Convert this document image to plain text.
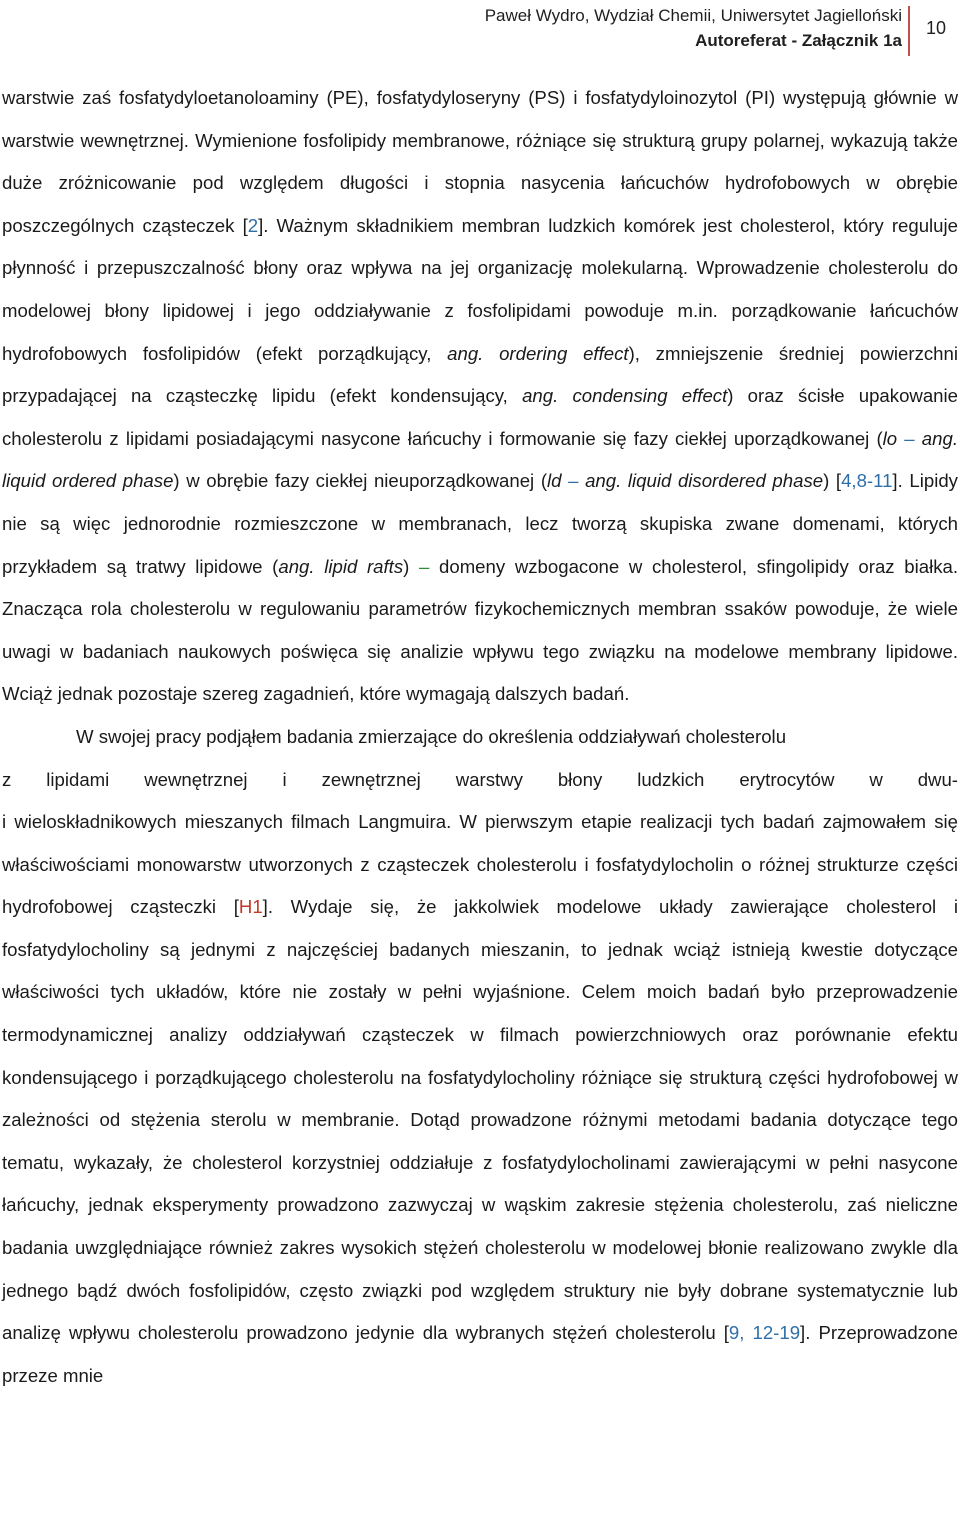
Paweł Wydro, Wydział Chemii, Uniwersytet Jagielloński
Autoreferat - Załącznik 1a
10

warstwie zaś fosfatydyloetanoloaminy (PE), fosfatydyloseryny (PS) i fosfatydyloinozytol (PI) występują głównie w warstwie wewnętrznej. Wymienione fosfolipidy membranowe, różniące się strukturą grupy polarnej, wykazują także duże zróżnicowanie pod względem długości i stopnia nasycenia łańcuchów hydrofobowych w obrębie poszczególnych cząsteczek [2]. Ważnym składnikiem membran ludzkich komórek jest cholesterol, który reguluje płynność i przepuszczalność błony oraz wpływa na jej organizację molekularną. Wprowadzenie cholesterolu do modelowej błony lipidowej i jego oddziaływanie z fosfolipidami powoduje m.in. porządkowanie łańcuchów hydrofobowych fosfolipidów (efekt porządkujący, ang. ordering effect), zmniejszenie średniej powierzchni przypadającej na cząsteczkę lipidu (efekt kondensujący, ang. condensing effect) oraz ścisłe upakowanie cholesterolu z lipidami posiadającymi nasycone łańcuchy i formowanie się fazy ciekłej uporządkowanej (lo – ang. liquid ordered phase) w obrębie fazy ciekłej nieuporządkowanej (ld – ang. liquid disordered phase) [4,8-11]. Lipidy nie są więc jednorodnie rozmieszczone w membranach, lecz tworzą skupiska zwane domenami, których przykładem są tratwy lipidowe (ang. lipid rafts) – domeny wzbogacone w cholesterol, sfingolipidy oraz białka. Znacząca rola cholesterolu w regulowaniu parametrów fizykochemicznych membran ssaków powoduje, że wiele uwagi w badaniach naukowych poświęca się analizie wpływu tego związku na modelowe membrany lipidowe. Wciąż jednak pozostaje szereg zagadnień, które wymagają dalszych badań.

W swojej pracy podjąłem badania zmierzające do określenia oddziaływań cholesterolu
z lipidami wewnętrznej i zewnętrznej warstwy błony ludzkich erytrocytów w dwu-
i wieloskładnikowych mieszanych filmach Langmuira. W pierwszym etapie realizacji tych badań zajmowałem się właściwościami monowarstw utworzonych z cząsteczek cholesterolu i fosfatydylocholin o różnej strukturze części hydrofobowej cząsteczki [H1]. Wydaje się, że jakkolwiek modelowe układy zawierające cholesterol i fosfatydylocholiny są jednymi z najczęściej badanych mieszanin, to jednak wciąż istnieją kwestie dotyczące właściwości tych układów, które nie zostały w pełni wyjaśnione. Celem moich badań było przeprowadzenie termodynamicznej analizy oddziaływań cząsteczek w filmach powierzchniowych oraz porównanie efektu kondensującego i porządkującego cholesterolu na fosfatydylocholiny różniące się strukturą części hydrofobowej w zależności od stężenia sterolu w membranie. Dotąd prowadzone różnymi metodami badania dotyczące tego tematu, wykazały, że cholesterol korzystniej oddziałuje z fosfatydylocholinami zawierającymi w pełni nasycone łańcuchy, jednak eksperymenty prowadzono zazwyczaj w wąskim zakresie stężenia cholesterolu, zaś nieliczne badania uwzględniające również zakres wysokich stężeń cholesterolu w modelowej błonie realizowano zwykle dla jednego bądź dwóch fosfolipidów, często związki pod względem struktury nie były dobrane systematycznie lub analizę wpływu cholesterolu prowadzono jedynie dla wybranych stężeń cholesterolu [9, 12-19]. Przeprowadzone przeze mnie
